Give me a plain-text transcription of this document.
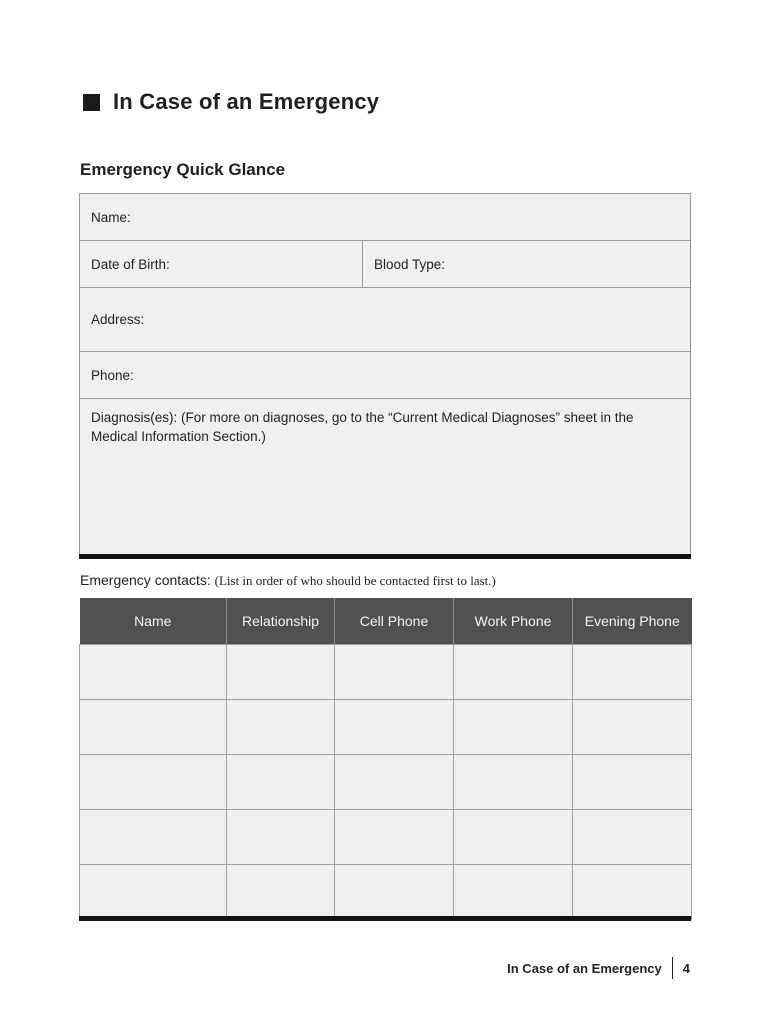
In Case of an Emergency
Emergency Quick Glance
Name:
Date of Birth:	Blood Type:
Address:
Phone:
Diagnosis(es): (For more on diagnoses, go to the “Current Medical Diagnoses” sheet in the Medical Information Section.)
Emergency contacts: (List in order of who should be contacted first to last.)
Name	Relationship	Cell Phone	Work Phone	Evening Phone

In Case of an Emergency 4
